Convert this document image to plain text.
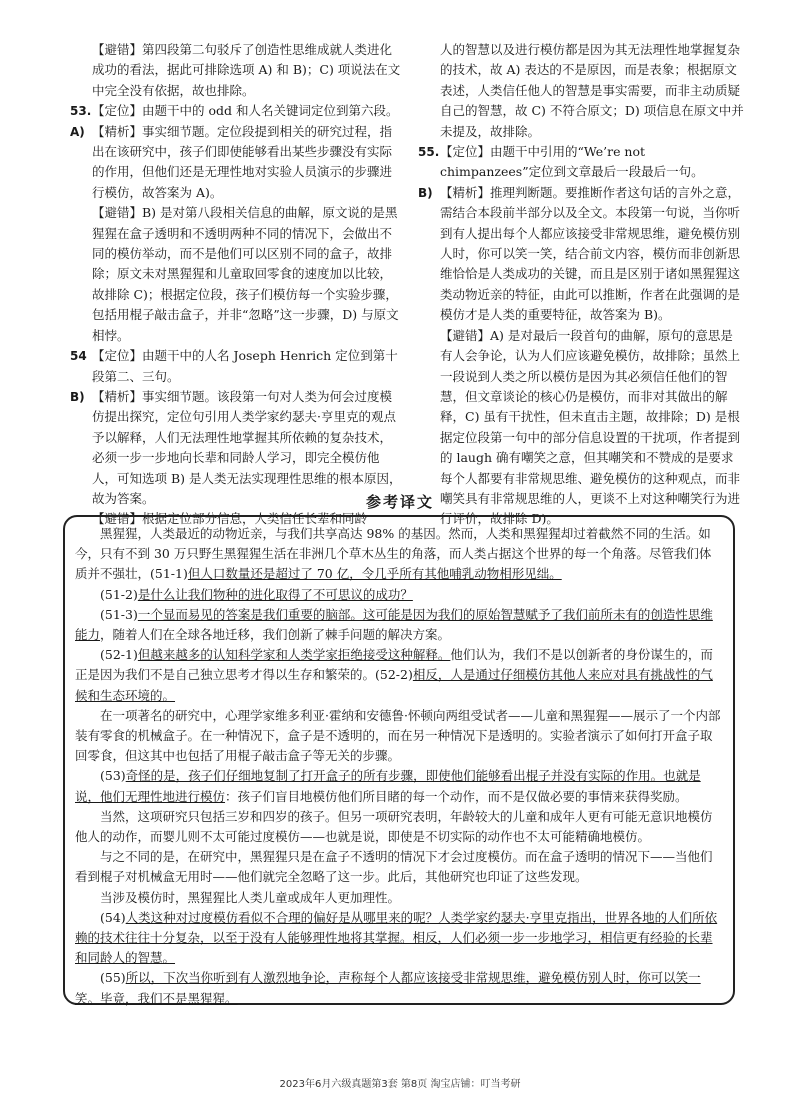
【避错】第四段第二句驳斥了创造性思维成就人类进化成功的看法，据此可排除选项 A) 和 B)；C) 项说法在文中完全没有依据，故也排除。
53. 【定位】由题干中的 odd 和人名关键词定位到第六段。
A) 【精析】事实细节题。定位段提到相关的研究过程，指出在该研究中，孩子们即使能够看出某些步骤没有实际的作用，但他们还是无理性地对实验人员演示的步骤进行模仿，故答案为 A)。
【避错】B) 是对第八段相关信息的曲解，原文说的是黑猩猩在盒子透明和不透明两种不同的情况下，会做出不同的模仿举动，而不是他们可以区别不同的盒子，故排除；原文未对黑猩猩和儿童取回零食的速度加以比较，故排除 C)；根据定位段，孩子们模仿每一个实验步骤，包括用棍子敲击盒子，并非“忽略”这一步骤，D) 与原文相悖。
54 【定位】由题干中的人名 Joseph Henrich 定位到第十段第二、三句。
B) 【精析】事实细节题。该段第一句对人类为何会过度模仿提出探究，定位句引用人类学家约瑟夫·亨里克的观点予以解释，人们无法理性地掌握其所依赖的复杂技术，必须一步一步地向长辈和同龄人学习，即完全模仿他人，可知选项 B) 是人类无法实现理性思维的根本原因，故为答案。
【避错】根据定位部分信息，人类信任长辈和同龄
人的智慧以及进行模仿都是因为其无法理性地掌握复杂的技术，故 A) 表达的不是原因，而是表象；根据原文表述，人类信任他人的智慧是事实需要，而非主动质疑自己的智慧，故 C) 不符合原文；D) 项信息在原文中并未提及，故排除。
55. 【定位】由题干中引用的“We’re not chimpanzees”定位到文章最后一段最后一句。
B) 【精析】推理判断题。要推断作者这句话的言外之意，需结合本段前半部分以及全文。本段第一句说，当你听到有人提出每个人都应该接受非常规思维，避免模仿别人时，你可以笑一笑，结合前文内容，模仿而非创新思维恰恰是人类成功的关键，而且是区别于诸如黑猩猩这类动物近亲的特征，由此可以推断，作者在此强调的是模仿才是人类的重要特征，故答案为 B)。
【避错】A) 是对最后一段首句的曲解，原句的意思是有人会争论，认为人们应该避免模仿，故排除；虽然上一段说到人类之所以模仿是因为其必须信任他们的智慧，但文章谈论的核心仍是模仿，而非对其做出的解释，C) 虽有干扰性，但未直击主题，故排除；D) 是根据定位段第一句中的部分信息设置的干扰项，作者提到的 laugh 确有嘲笑之意，但其嘲笑和不赞成的是要求每个人都要有非常规思维、避免模仿的这种观点，而非嘲笑具有非常规思维的人，更谈不上对这种嘲笑行为进行评价，故排除 D)。
参考译文

黑猩猩，人类最近的动物近亲，与我们共享高达 98% 的基因。然而，人类和黑猩猩却过着截然不同的生活。如今，只有不到 30 万只野生黑猩猩生活在非洲几个草木丛生的角落，而人类占据这个世界的每一个角落。尽管我们体质并不强壮，(51-1)但人口数量还是超过了 70 亿，令几乎所有其他哺乳动物相形见绌。

(51-2)是什么让我们物种的进化取得了不可思议的成功？

(51-3)一个显而易见的答案是我们重要的脑部。这可能是因为我们的原始智慧赋予了我们前所未有的创造性思维能力，随着人们在全球各地迁移，我们创新了棘手问题的解决方案。

(52-1)但越来越多的认知科学家和人类学家拒绝接受这种解释。他们认为，我们不是以创新者的身份谋生的，而正是因为我们不是自己独立思考才得以生存和繁荣的。(52-2)相反，人是通过仔细模仿其他人来应对具有挑战性的气候和生态环境的。

在一项著名的研究中，心理学家维多利亚·霍纳和安德鲁·怀顿向两组受试者——儿童和黑猩猩——展示了一个内部装有零食的机械盒子。在一种情况下，盒子是不透明的，而在另一种情况下是透明的。实验者演示了如何打开盒子取回零食，但这其中也包括了用棍子敲击盒子等无关的步骤。

(53)奇怪的是，孩子们仔细地复制了打开盒子的所有步骤，即使他们能够看出棍子并没有实际的作用。也就是说，他们无理性地进行模仿：孩子们盲目地模仿他们所目睹的每一个动作，而不是仅做必要的事情来获得奖励。

当然，这项研究只包括三岁和四岁的孩子。但另一项研究表明，年龄较大的儿童和成年人更有可能无意识地模仿他人的动作，而婴儿则不太可能过度模仿——也就是说，即使是不切实际的动作也不太可能精确地模仿。

与之不同的是，在研究中，黑猩猩只是在盒子不透明的情况下才会过度模仿。而在盒子透明的情况下——当他们看到棍子对机械盒无用时——他们就完全忽略了这一步。此后，其他研究也印证了这些发现。

当涉及模仿时，黑猩猩比人类儿童或成年人更加理性。

(54)人类这种对过度模仿看似不合理的偏好是从哪里来的呢？人类学家约瑟夫·亨里克指出，世界各地的人们所依赖的技术往往十分复杂，以至于没有人能够理性地将其掌握。相反，人们必须一步一步地学习，相信更有经验的长辈和同龄人的智慧。

(55)所以，下次当你听到有人激烈地争论，声称每个人都应该接受非常规思维，避免模仿别人时，你可以笑一笑。毕竟，我们不是黑猩猩。

2023年6月六级真题第3套 第8页 淘宝店铺：叮当考研
